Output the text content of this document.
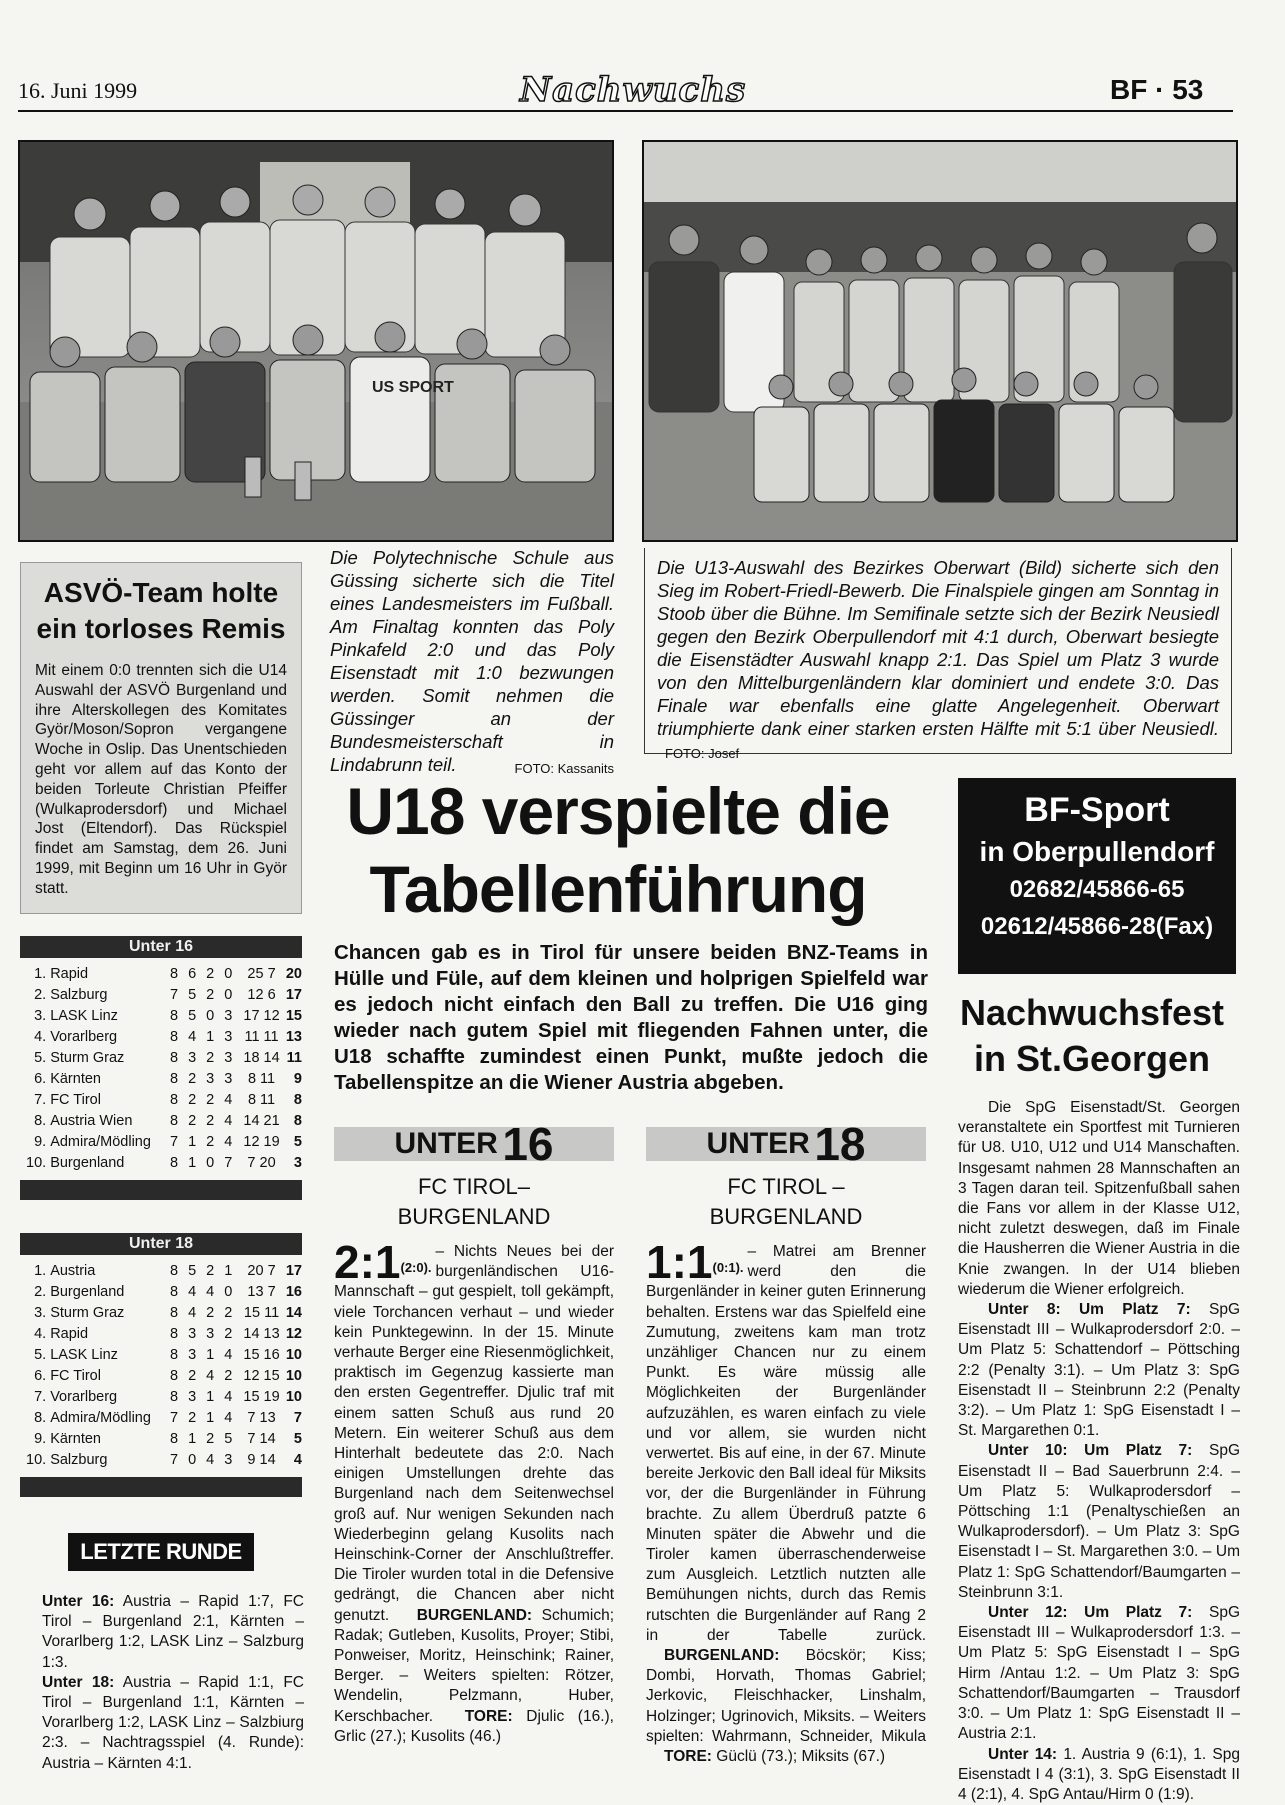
16. Juni 1999	Nachwuchs	BF · 53
US SPORT
ASVÖ-Team holte
ein torloses Remis

Mit einem 0:0 trennten sich die U14 Auswahl der ASVÖ Burgenland und ihre Alterskollegen des Komitates Györ/Moson/Sopron vergangene Woche in Oslip. Das Unentschieden geht vor allem auf das Konto der beiden Torleute Christian Pfeiffer (Wulkaprodersdorf) und Michael Jost (Eltendorf). Das Rückspiel findet am Samstag, dem 26. Juni 1999, mit Beginn um 16 Uhr in Györ statt.

Die Polytechnische Schule aus Güssing sicherte sich die Titel eines Landesmeisters im Fußball. Am Finaltag konnten das Poly Pinkafeld 2:0 und das Poly Eisenstadt mit 1:0 bezwungen werden. Somit nehmen die Güssinger an der Bundesmeisterschaft in Lindabrunn teil.	FOTO: Kassanits
Die U13-Auswahl des Bezirkes Oberwart (Bild) sicherte sich den Sieg im Robert-Friedl-Bewerb. Die Finalspiele gingen am Sonntag in Stoob über die Bühne. Im Semifinale setzte sich der Bezirk Neusiedl gegen den Bezirk Oberpullendorf mit 4:1 durch, Oberwart besiegte die Eisenstädter Auswahl knapp 2:1. Das Spiel um Platz 3 wurde von den Mittelburgenländern klar dominiert und endete 3:0. Das Finale war ebenfalls eine glatte Angelegenheit. Oberwart triumphierte dank einer starken ersten Hälfte mit 5:1 über Neusiedl. FOTO: Josef
Unter 16
1.	Rapid	8	6	2	0	25 7	20
2.	Salzburg	7	5	2	0	12 6	17
3.	LASK Linz	8	5	0	3	17 12	15
4.	Vorarlberg	8	4	1	3	11 11	13
5.	Sturm Graz	8	3	2	3	18 14	11
6.	Kärnten	8	2	3	3	8 11	9
7.	FC Tirol	8	2	2	4	8 11	8
8.	Austria Wien	8	2	2	4	14 21	8
9.	Admira/Mödling	7	1	2	4	12 19	5
10.	Burgenland	8	1	0	7	7 20	3
Unter 18
1.	Austria	8	5	2	1	20 7	17
2.	Burgenland	8	4	4	0	13 7	16
3.	Sturm Graz	8	4	2	2	15 11	14
4.	Rapid	8	3	3	2	14 13	12
5.	LASK Linz	8	3	1	4	15 16	10
6.	FC Tirol	8	2	4	2	12 15	10
7.	Vorarlberg	8	3	1	4	15 19	10
8.	Admira/Mödling	7	2	1	4	7 13	7
9.	Kärnten	8	1	2	5	7 14	5
10.	Salzburg	7	0	4	3	9 14	4
LETZTE RUNDE
Unter 16: Austria – Rapid 1:7, FC Tirol – Burgenland 2:1, Kärnten – Vorarlberg 1:2, LASK Linz – Salzburg 1:3.
Unter 18: Austria – Rapid 1:1, FC Tirol – Burgenland 1:1, Kärnten – Vorarlberg 1:2, LASK Linz – Salzbiurg 2:3. – Nachtragsspiel (4. Runde): Austria – Kärnten 4:1.
U18 verspielte die
Tabellenführung
Chancen gab es in Tirol für unsere beiden BNZ-Teams in Hülle und Füle, auf dem kleinen und holprigen Spielfeld war es jedoch nicht einfach den Ball zu treffen. Die U16 ging wieder nach gutem Spiel mit fliegenden Fahnen unter, die U18 schaffte zumindest einen Punkt, mußte jedoch die Tabellenspitze an die Wiener Austria abgeben.
UNTER 16
FC TIROL–
BURGENLAND
$2:1^{(2:0).}$
– Nichts Neues bei der burgenländischen U16-Mannschaft – gut gespielt, toll gekämpft, viele Torchancen verhaut – und wieder kein Punktegewinn. In der 15. Minute verhaute Berger eine Riesenmöglichkeit, praktisch im Gegenzug kassierte man den ersten Gegentreffer. Djulic traf mit einem satten Schuß aus rund 20 Metern. Ein weiterer Schuß aus dem Hinterhalt bedeutete das 2:0. Nach einigen Umstellungen drehte das Burgenland nach dem Seitenwechsel groß auf. Nur wenigen Sekunden nach Wiederbeginn gelang Kusolits nach Heinschink-Corner der Anschlußtreffer. Die Tiroler wurden total in die Defensive gedrängt, die Chancen aber nicht genutzt. BURGENLAND: Schumich; Radak; Gutleben, Kusolits, Proyer; Stibi, Ponweiser, Moritz, Heinschink; Rainer, Berger. – Weiters spielten: Rötzer, Wendelin, Pelzmann, Huber, Kerschbacher. TORE: Djulic (16.), Grlic (27.); Kusolits (46.)
UNTER 18
FC TIROL –
BURGENLAND
$1:1^{(0:1).}$
– Matrei am Brenner werd den die Burgenländer in keiner guten Erinnerung behalten. Erstens war das Spielfeld eine Zumutung, zweitens kam man trotz unzähliger Chancen nur zu einem Punkt. Es wäre müssig alle Möglichkeiten der Burgenländer aufzuzählen, es waren einfach zu viele und vor allem, sie wurden nicht verwertet. Bis auf eine, in der 67. Minute bereite Jerkovic den Ball ideal für Miksits vor, der die Burgenländer in Führung brachte. Zu allem Überdruß patzte 6 Minuten später die Abwehr und die Tiroler kamen überraschenderweise zum Ausgleich. Letztlich nutzten alle Bemühungen nichts, durch das Remis rutschten die Burgenländer auf Rang 2 in der Tabelle zurück. BURGENLAND: Böcskör; Kiss; Dombi, Horvath, Thomas Gabriel; Jerkovic, Fleischhacker, Linshalm, Holzinger; Ugrinovich, Miksits. – Weiters spielten: Wahrmann, Schneider, Mikula TORE: Güclü (73.); Miksits (67.)
BF-Sport
in Oberpullendorf
02682/45866-65
02612/45866-28(Fax)
Nachwuchsfest
in St.Georgen
Die SpG Eisenstadt/St. Georgen veranstaltete ein Sportfest mit Turnieren für U8. U10, U12 und U14 Manschaften. Insgesamt nahmen 28 Mannschaften an 3 Tagen daran teil. Spitzenfußball sahen die Fans vor allem in der Klasse U12, nicht zuletzt deswegen, daß im Finale die Hausherren die Wiener Austria in die Knie zwangen. In der U14 blieben wiederum die Wiener erfolgreich.
Unter 8: Um Platz 7: SpG Eisenstadt III – Wulkaprodersdorf 2:0. – Um Platz 5: Schattendorf – Pöttsching 2:2 (Penalty 3:1). – Um Platz 3: SpG Eisenstadt II – Steinbrunn 2:2 (Penalty 3:2). – Um Platz 1: SpG Eisenstadt I – St. Margarethen 0:1.
Unter 10: Um Platz 7: SpG Eisenstadt II – Bad Sauerbrunn 2:4. – Um Platz 5: Wulkaprodersdorf – Pöttsching 1:1 (Penaltyschießen an Wulkaprodersdorf). – Um Platz 3: SpG Eisenstadt I – St. Margarethen 3:0. – Um Platz 1: SpG Schattendorf/Baumgarten – Steinbrunn 3:1.
Unter 12: Um Platz 7: SpG Eisenstadt III – Wulkaprodersdorf 1:3. – Um Platz 5: SpG Eisenstadt I – SpG Hirm /Antau 1:2. – Um Platz 3: SpG Schattendorf/Baumgarten – Trausdorf 3:0. – Um Platz 1: SpG Eisenstadt II – Austria 2:1.
Unter 14: 1. Austria 9 (6:1), 1. Spg Eisenstadt I 4 (3:1), 3. SpG Eisenstadt II 4 (2:1), 4. SpG Antau/Hirm 0 (1:9).
